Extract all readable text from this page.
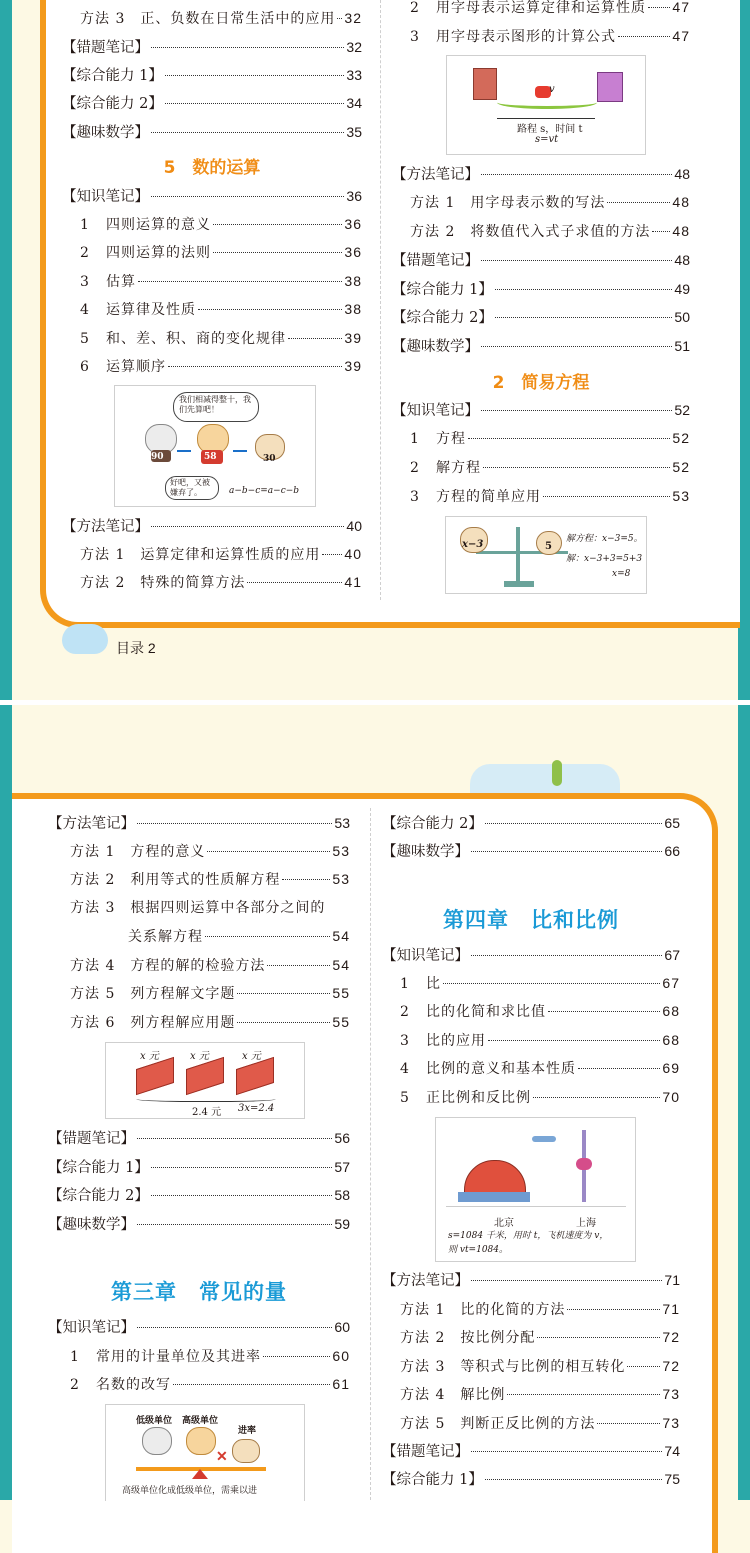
方法 3　正、负数在日常生活中的应用 32
【错题笔记】	32
【综合能力 1】	33
【综合能力 2】	34
【趣味数学】	35
5　数的运算
【知识笔记】	36
1	四则运算的意义	36
2	四则运算的法则	36
3	估算	38
4	运算律及性质	38
5	和、差、积、商的变化规律	39
6	运算顺序	39
我们相减得整十，我们先算吧！
90	58	30
好吧，又被嫌弃了。	a−b−c=a−c−b
【方法笔记】	40
方法 1　运算定律和运算性质的应用 40
方法 2　特殊的简算方法	41
2	用字母表示运算定律和运算性质 47
3	用字母表示图形的计算公式	47
v
路程 s，时间 t
s=vt
【方法笔记】	48
方法 1　用字母表示数的写法	48
方法 2　将数值代入式子求值的方法 48
【错题笔记】	48
【综合能力 1】	49
【综合能力 2】	50
【趣味数学】	51
2　简易方程
【知识笔记】	52
1	方程	52
2	解方程	52
3	方程的简单应用	53
x−3	5
解方程：x−3=5。
解：x−3+3=5+3
x=8
目录 2
【方法笔记】	53
方法 1　方程的意义	53
方法 2　利用等式的性质解方程	53
方法 3　根据四则运算中各部分之间的
关系解方程	54
方法 4　方程的解的检验方法	54
方法 5　列方程解文字题	55
方法 6　列方程解应用题	55
x 元	x 元	x 元
2.4 元 3x=2.4
【错题笔记】	56
【综合能力 1】	57
【综合能力 2】	58
【趣味数学】	59
第三章　常见的量
【知识笔记】	60
1	常用的计量单位及其进率	60
2	名数的改写	61
低级单位 高级单位
进率
✕
高级单位化成低级单位，需乘以进
【综合能力 2】	65
【趣味数学】	66
第四章　比和比例
【知识笔记】	67
1	比	67
2	比的化简和求比值	68
3	比的应用	68
4	比例的意义和基本性质	69
5	正比例和反比例	70
北京	上海
s=1084 千米，用时 t，飞机速度为 v，
则 vt=1084。
【方法笔记】	71
方法 1　比的化简的方法	71
方法 2　按比例分配	72
方法 3　等积式与比例的相互转化	72
方法 4　解比例	73
方法 5　判断正反比例的方法	73
【错题笔记】	74
【综合能力 1】	75
